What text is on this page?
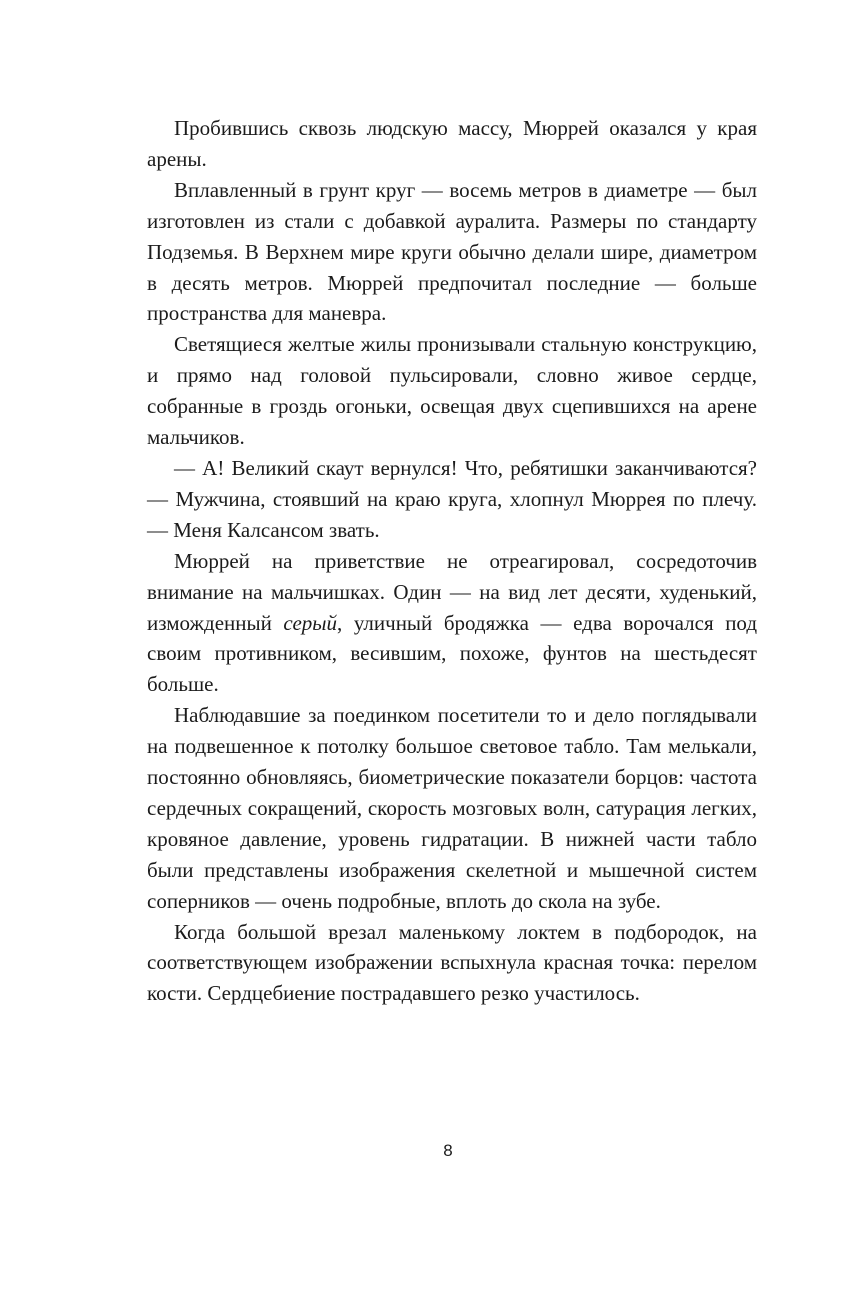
Пробившись сквозь людскую массу, Мюррей оказался у края арены.

Вплавленный в грунт круг — восемь метров в диаметре — был изготовлен из стали с добавкой ауралита. Размеры по стандарту Подземья. В Верхнем мире круги обычно делали шире, диаметром в десять метров. Мюррей предпочитал последние — больше пространства для маневра.

Светящиеся желтые жилы пронизывали стальную конструкцию, и прямо над головой пульсировали, словно живое сердце, собранные в гроздь огоньки, освещая двух сцепившихся на арене мальчиков.

— А! Великий скаут вернулся! Что, ребятишки заканчиваются? — Мужчина, стоявший на краю круга, хлопнул Мюррея по плечу. — Меня Калсансом звать.

Мюррей на приветствие не отреагировал, сосредоточив внимание на мальчишках. Один — на вид лет десяти, худенький, изможденный серый, уличный бродяжка — едва ворочался под своим противником, весившим, похоже, фунтов на шестьдесят больше.

Наблюдавшие за поединком посетители то и дело поглядывали на подвешенное к потолку большое световое табло. Там мелькали, постоянно обновляясь, биометрические показатели борцов: частота сердечных сокращений, скорость мозговых волн, сатурация легких, кровяное давление, уровень гидратации. В нижней части табло были представлены изображения скелетной и мышечной систем соперников — очень подробные, вплоть до скола на зубе.

Когда большой врезал маленькому локтем в подбородок, на соответствующем изображении вспыхнула красная точка: перелом кости. Сердцебиение пострадавшего резко участилось.

8
